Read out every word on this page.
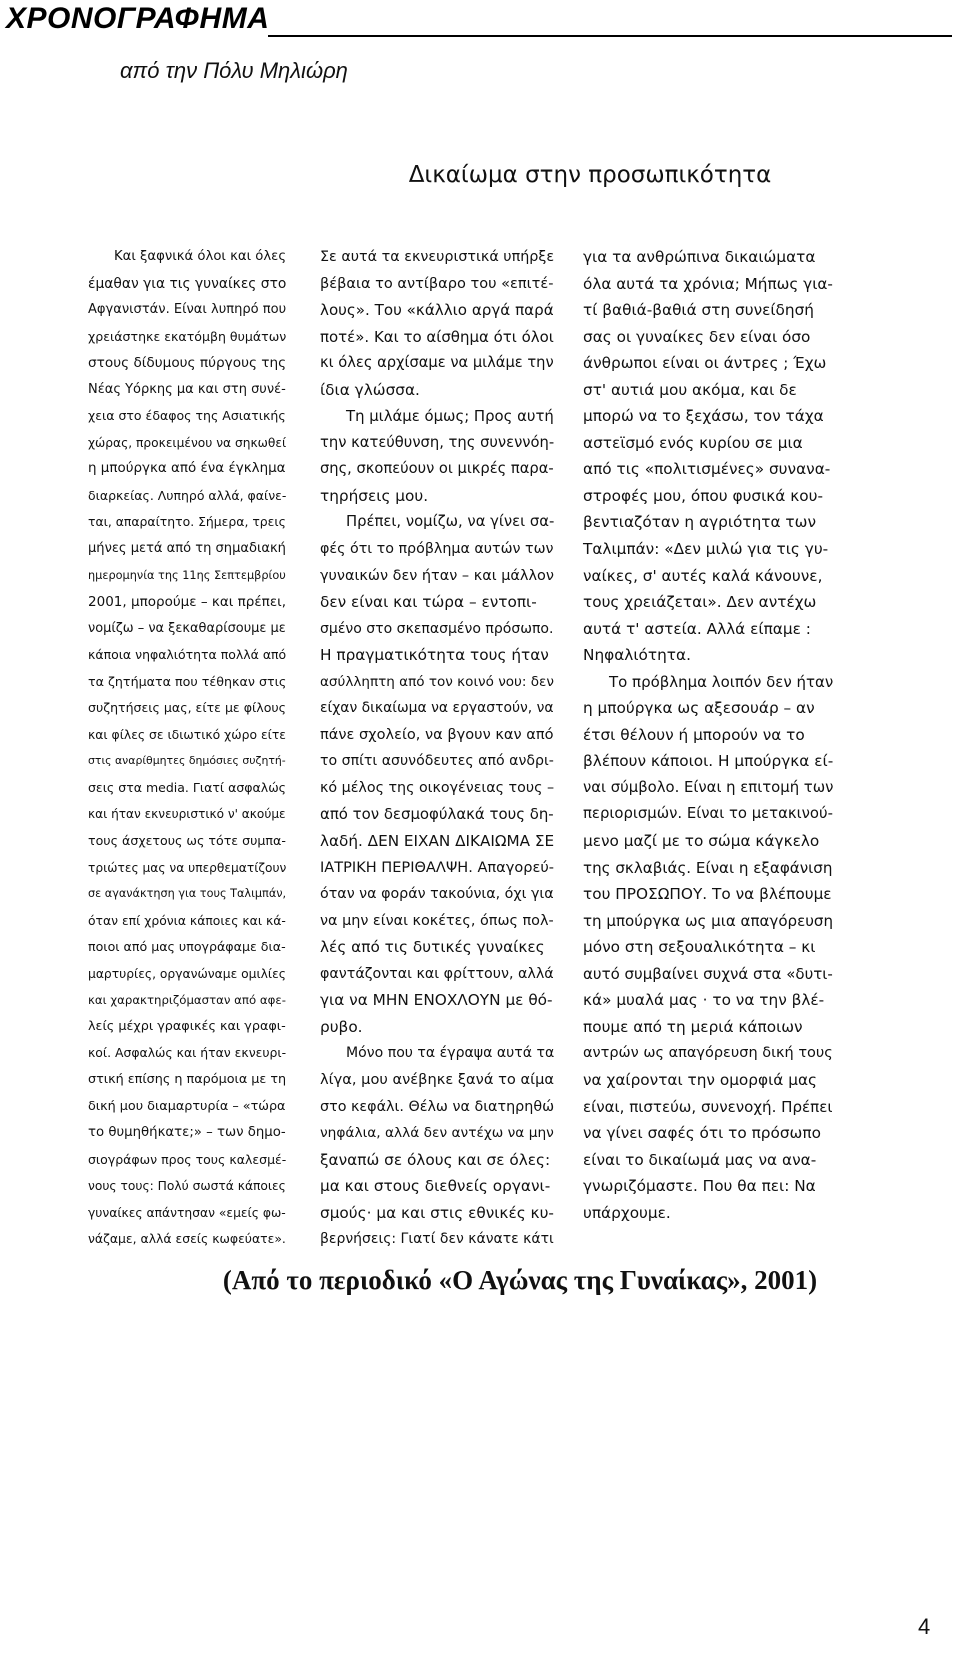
ΧΡΟΝΟΓΡΑΦΗΜΑ
από την Πόλυ Μηλιώρη
Δικαίωμα στην προσωπικότητα
Και ξαφνικά όλοι και όλες
έμαθαν για τις γυναίκες στο
Αφγανιστάν. Είναι λυπηρό που
χρειάστηκε εκατόμβη θυμάτων
στους δίδυμους πύργους της
Νέας Υόρκης μα και στη συνέ-
χεια στο έδαφος της Ασιατικής
χώρας, προκειμένου να σηκωθεί
η μπούργκα από ένα έγκλημα
διαρκείας. Λυπηρό αλλά, φαίνε-
ται, απαραίτητο. Σήμερα, τρεις
μήνες μετά από τη σημαδιακή
ημερομηνία της 11ης Σεπτεμβρίου
2001, μπορούμε – και πρέπει,
νομίζω – να ξεκαθαρίσουμε με
κάποια νηφαλιότητα πολλά από
τα ζητήματα που τέθηκαν στις
συζητήσεις μας, είτε με φίλους
και φίλες σε ιδιωτικό χώρο είτε
στις αναρίθμητες δημόσιες συζητή-
σεις στα media. Γιατί ασφαλώς
και ήταν εκνευριστικό ν' ακούμε
τους άσχετους ως τότε συμπα-
τριώτες μας να υπερθεματίζουν
σε αγανάκτηση για τους Ταλιμπάν,
όταν επί χρόνια κάποιες και κά-
ποιοι από μας υπογράφαμε δια-
μαρτυρίες, οργανώναμε ομιλίες
και χαρακτηριζόμασταν από αφε-
λείς μέχρι γραφικές και γραφι-
κοί. Ασφαλώς και ήταν εκνευρι-
στική επίσης η παρόμοια με τη
δική μου διαμαρτυρία – «τώρα
το θυμηθήκατε;» – των δημο-
σιογράφων προς τους καλεσμέ-
νους τους: Πολύ σωστά κάποιες
γυναίκες απάντησαν «εμείς φω-
νάζαμε, αλλά εσείς κωφεύατε».
Σε αυτά τα εκνευριστικά υπήρξε
βέβαια το αντίβαρο του «επιτέ-
λους». Του «κάλλιο αργά παρά
ποτέ». Και το αίσθημα ότι όλοι
κι όλες αρχίσαμε να μιλάμε την
ίδια γλώσσα.
Τη μιλάμε όμως; Προς αυτή
την κατεύθυνση, της συνεννόη-
σης, σκοπεύουν οι μικρές παρα-
τηρήσεις μου.
Πρέπει, νομίζω, να γίνει σα-
φές ότι το πρόβλημα αυτών των
γυναικών δεν ήταν – και μάλλον
δεν είναι και τώρα – εντοπι-
σμένο στο σκεπασμένο πρόσωπο.
Η πραγματικότητα τους ήταν
ασύλληπτη από τον κοινό νου: δεν
είχαν δικαίωμα να εργαστούν, να
πάνε σχολείο, να βγουν καν από
το σπίτι ασυνόδευτες από ανδρι-
κό μέλος της οικογένειας τους –
από τον δεσμοφύλακά τους δη-
λαδή. ΔΕΝ ΕΙΧΑΝ ΔΙΚΑΙΩΜΑ ΣΕ
ΙΑΤΡΙΚΗ ΠΕΡΙΘΑΛΨΗ. Απαγορεύ-
όταν να φοράν τακούνια, όχι για
να μην είναι κοκέτες, όπως πολ-
λές από τις δυτικές γυναίκες
φαντάζονται και φρίττουν, αλλά
για να ΜΗΝ ΕΝΟΧΛΟΥΝ με θό-
ρυβο.
Μόνο που τα έγραψα αυτά τα
λίγα, μου ανέβηκε ξανά το αίμα
στο κεφάλι. Θέλω να διατηρηθώ
νηφάλια, αλλά δεν αντέχω να μην
ξαναπώ σε όλους και σε όλες:
μα και στους διεθνείς οργανι-
σμούς· μα και στις εθνικές κυ-
βερνήσεις: Γιατί δεν κάνατε κάτι
για τα ανθρώπινα δικαιώματα
όλα αυτά τα χρόνια; Μήπως για-
τί βαθιά-βαθιά στη συνείδησή
σας οι γυναίκες δεν είναι όσο
άνθρωποι είναι οι άντρες ; Έχω
στ' αυτιά μου ακόμα, και δε
μπορώ να το ξεχάσω, τον τάχα
αστεϊσμό ενός κυρίου σε μια
από τις «πολιτισμένες» συνανα-
στροφές μου, όπου φυσικά κου-
βεντιαζόταν η αγριότητα των
Ταλιμπάν: «Δεν μιλώ για τις γυ-
ναίκες, σ' αυτές καλά κάνουνε,
τους χρειάζεται». Δεν αντέχω
αυτά τ' αστεία. Αλλά είπαμε :
Νηφαλιότητα.
Το πρόβλημα λοιπόν δεν ήταν
η μπούργκα ως αξεσουάρ – αν
έτσι θέλουν ή μπορούν να το
βλέπουν κάποιοι. Η μπούργκα εί-
ναι σύμβολο. Είναι η επιτομή των
περιορισμών. Είναι το μετακινού-
μενο μαζί με το σώμα κάγκελο
της σκλαβιάς. Είναι η εξαφάνιση
του ΠΡΟΣΩΠΟΥ. Το να βλέπουμε
τη μπούργκα ως μια απαγόρευση
μόνο στη σεξουαλικότητα – κι
αυτό συμβαίνει συχνά στα «δυτι-
κά» μυαλά μας · το να την βλέ-
πουμε από τη μεριά κάποιων
αντρών ως απαγόρευση δική τους
να χαίρονται την ομορφιά μας
είναι, πιστεύω, συνενοχή. Πρέπει
να γίνει σαφές ότι το πρόσωπο
είναι το δικαίωμά μας να ανα-
γνωριζόμαστε. Που θα πει: Να
υπάρχουμε.
(Από το περιοδικό «Ο Αγώνας της Γυναίκας», 2001)
4
